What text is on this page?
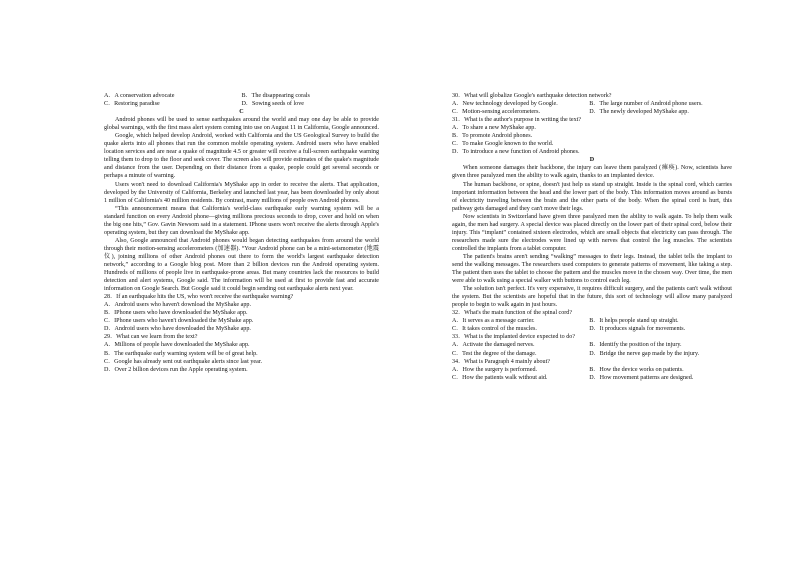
A．A conservation advocate	B．The disappearing corals
C．Restoring paradise	D．Sowing seeds of love
C

Android phones will be used to sense earthquakes around the world and may one day be able to provide global warnings, with the first mass alert system coming into use on August 11 in California, Google announced.

Google, which helped develop Android, worked with California and the US Geological Survey to build the quake alerts into all phones that run the common mobile operating system. Android users who have enabled location services and are near a quake of magnitude 4.5 or greater will receive a full-screen earthquake warning telling them to drop to the floor and seek cover. The screen also will provide estimates of the quake's magnitude and distance from the user. Depending on their distance from a quake, people could get several seconds or perhaps a minute of warning.

Users won't need to download California's MyShake app in order to receive the alerts. That application, developed by the University of California, Berkeley and launched last year, has been downloaded by only about 1 million of California's 40 million residents. By contrast, many millions of people own Android phones.

“This announcement means that California's world-class earthquake early warning system will be a standard function on every Android phone—giving millions precious seconds to drop, cover and hold on when the big one hits,” Gov. Gavin Newsom said in a statement. IPhone users won't receive the alerts through Apple's operating system, but they can download the MyShake app.

Also, Google announced that Android phones would began detecting earthquakes from around the world through their motion-sensing accelerometers (加速器). “Your Android phone can be a mini-seismometer (地震仪), joining millions of other Android phones out there to form the world's largest earthquake detection network,” according to a Google blog post. More than 2 billion devices run the Android operating system. Hundreds of millions of people live in earthquake-prone areas. But many countries lack the resources to build detection and alert systems, Google said. The information will be used at first to provide fast and accurate information on Google Search. But Google said it could begin sending out earthquake alerts next year.

28．If an earthquake hits the US, who won't receive the earthquake warning?

A．Android users who haven't download the MyShake app.

B．IPhone users who have downloaded the MyShake app.

C．IPhone users who haven't downloaded the MyShake app.

D．Android users who have downloaded the MyShake app.

29．What can we learn from the text?

A．Millions of people have downloaded the MyShake app.

B．The earthquake early warning system will be of great help.

C．Google has already sent out earthquake alerts since last year.

D．Over 2 billion devices run the Apple operating system.

30．What will globalize Google's earthquake detection network?

A．New technology developed by Google.	B．The large number of Android phone users.
C．Motion-sensing accelerometers.	D．The newly developed MyShake app.

31．What is the author's purpose in writing the text?

A．To share a new MyShake app.

B．To promote Android phones.

C．To make Google known to the world.

D．To introduce a new function of Android phones.

D

When someone damages their backbone, the injury can leave them paralyzed (瘫痪). Now, scientists have given three paralyzed men the ability to walk again, thanks to an implanted device.

The human backbone, or spine, doesn't just help us stand up straight. Inside is the spinal cord, which carries important information between the head and the lower part of the body. This information moves around as bursts of electricity traveling between the brain and the other parts of the body. When the spinal cord is hurt, this pathway gets damaged and they can't move their legs.

Now scientists in Switzerland have given three paralyzed men the ability to walk again. To help them walk again, the men had surgery. A special device was placed directly on the lower part of their spinal cord, below their injury. This “implant” contained sixteen electrodes, which are small objects that electricity can pass through. The researchers made sure the electrodes were lined up with nerves that control the leg muscles. The scientists controlled the implants from a tablet computer.

The patient's brains aren't sending “walking” messages to their legs. Instead, the tablet tells the implant to send the walking messages. The researchers used computers to generate patterns of movement, like taking a step. The patient then uses the tablet to choose the pattern and the muscles move in the chosen way. Over time, the men were able to walk using a special walker with buttons to control each leg.

The solution isn't perfect. It's very expensive, it requires difficult surgery, and the patients can't walk without the system. But the scientists are hopeful that in the future, this sort of technology will allow many paralyzed people to begin to walk again in just hours.

32．What's the main function of the spinal cord?

A．It serves as a message carrier.	B．It helps people stand up straight.
C．It takes control of the muscles.	D．It produces signals for movements.

33．What is the implanted device expected to do?

A．Activate the damaged nerves.	B．Identify the position of the injury.
C．Test the degree of the damage.	D．Bridge the nerve gap made by the injury.

34．What is Paragraph 4 mainly about?

A．How the surgery is performed.	B．How the device works on patients.
C．How the patients walk without aid.	D．How movement patterns are designed.
